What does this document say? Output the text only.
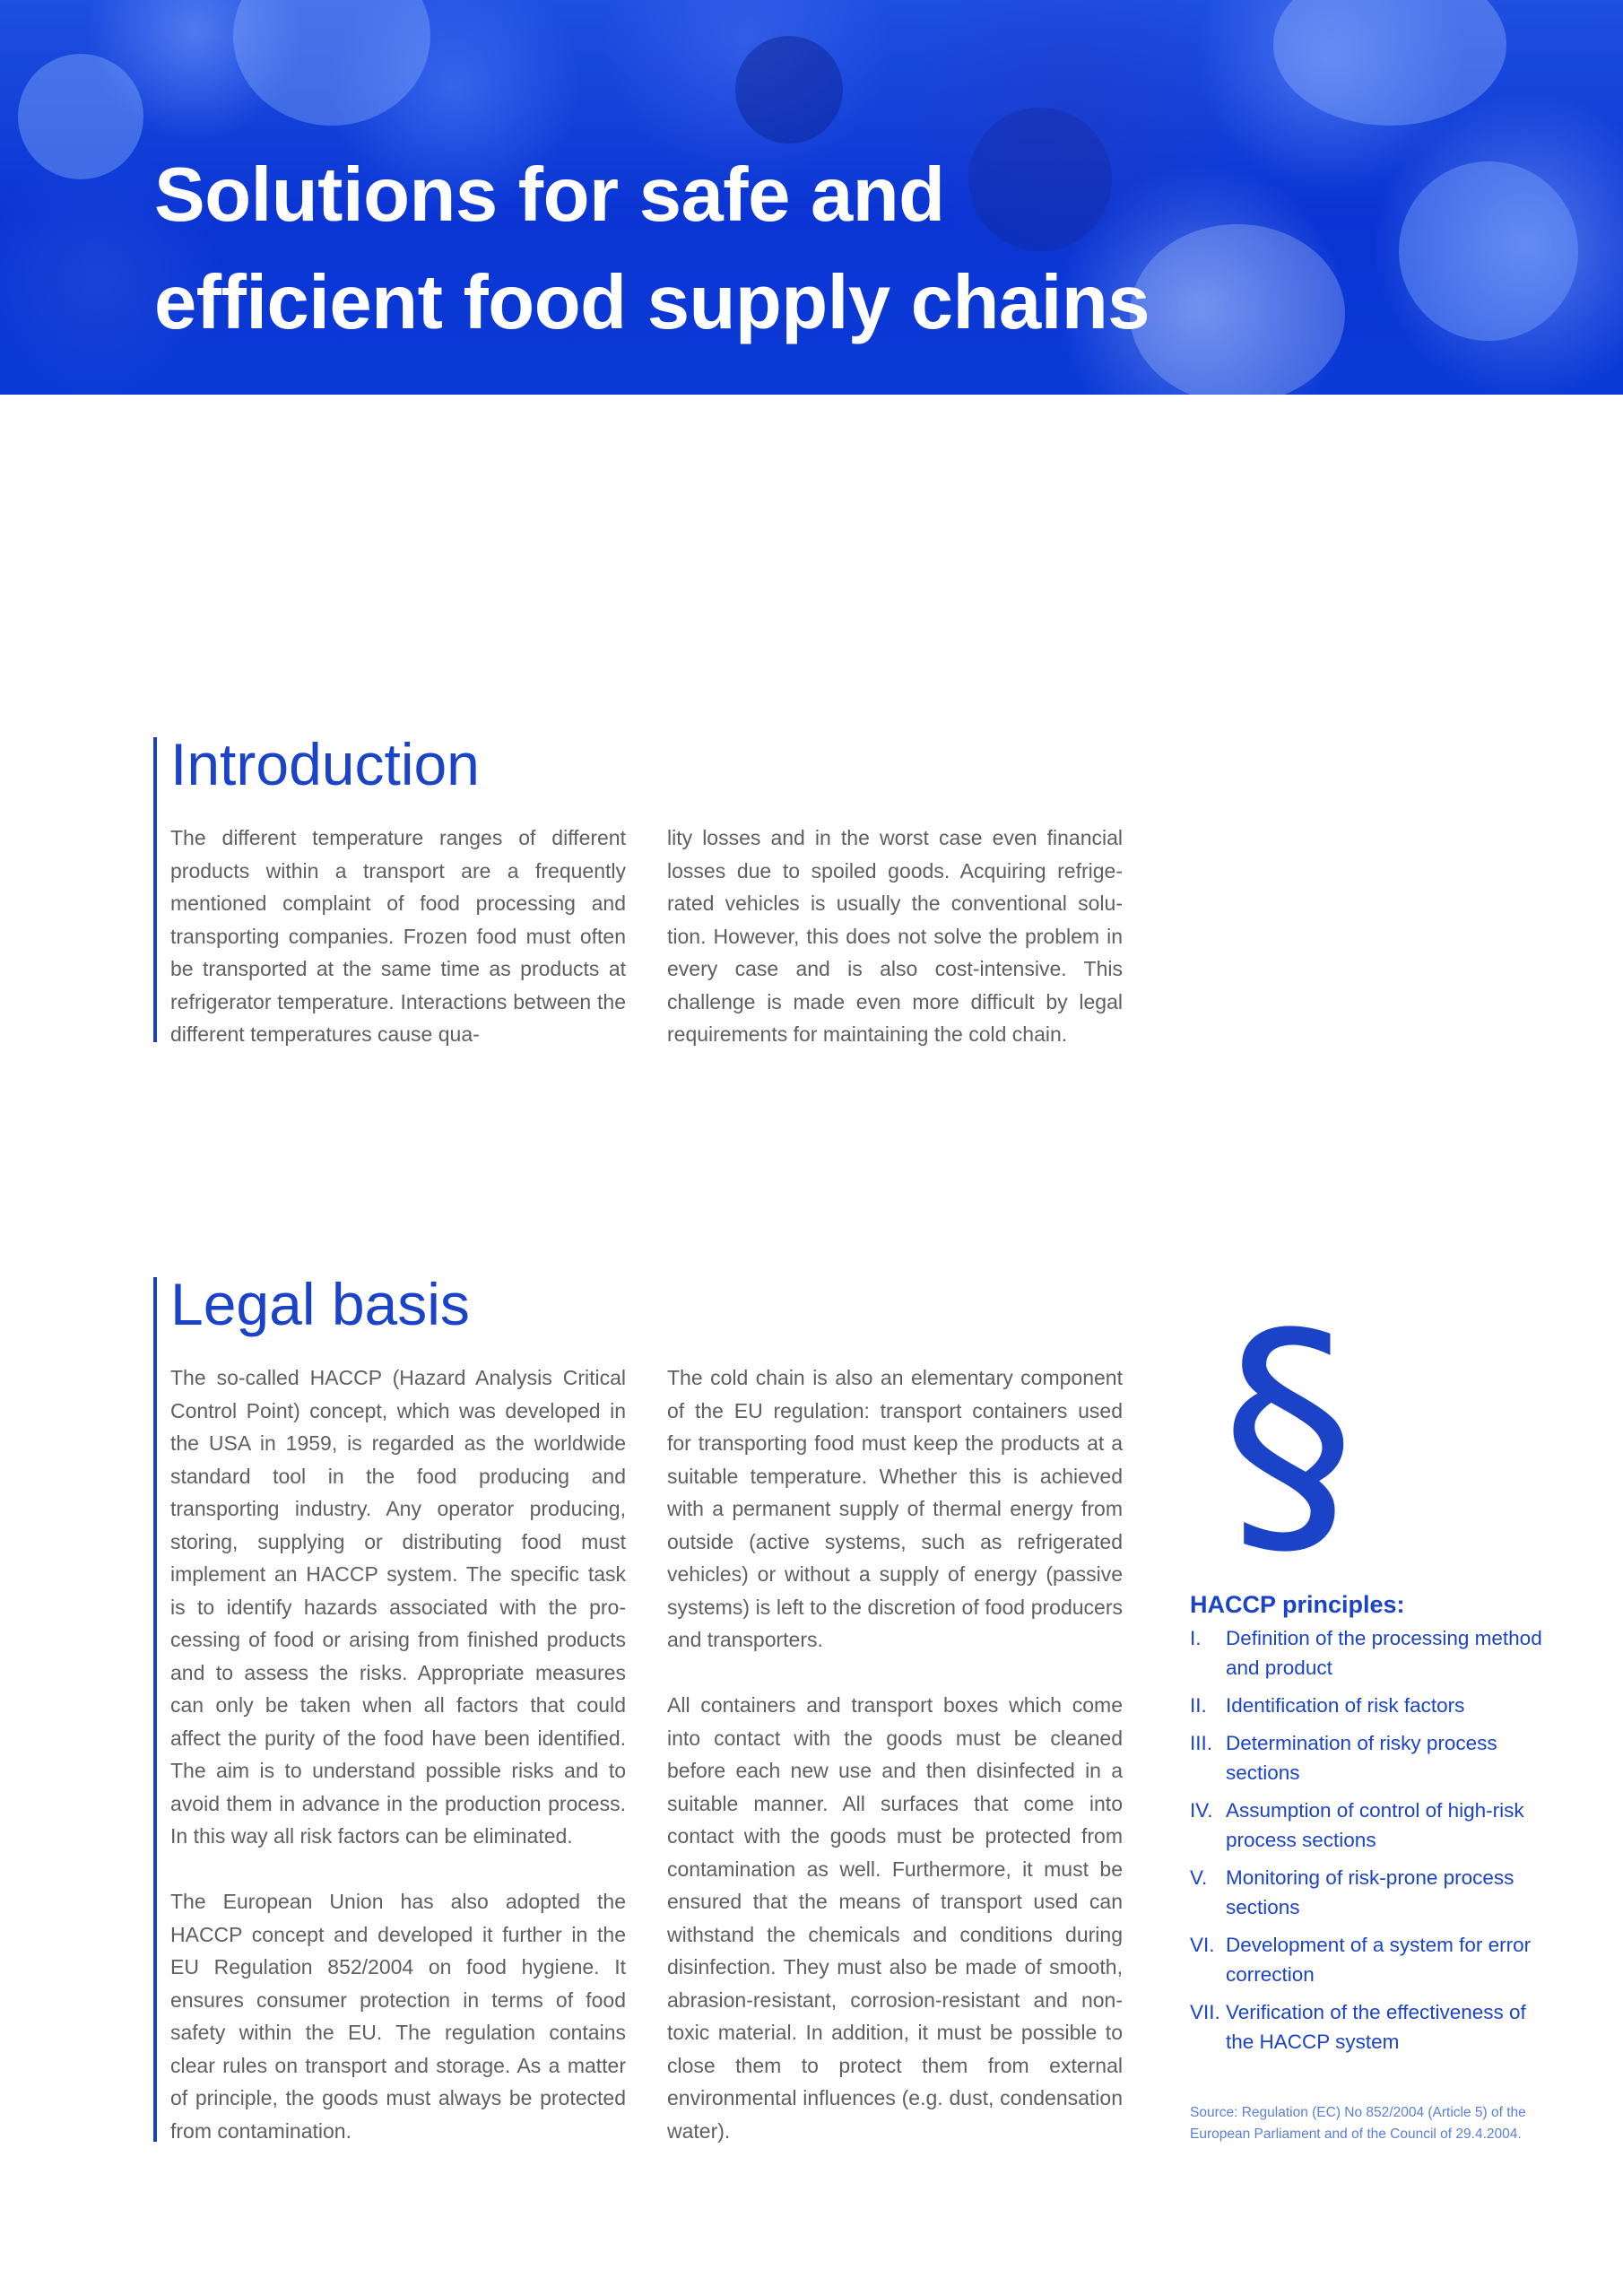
Solutions for safe and
efficient food supply chains
Introduction

The different temperature ranges of different products within a transport are a frequently mentioned complaint of food processing and transporting companies. Frozen food must often be transported at the same time as products at refrigerator temperature. Interactions between the different temperatures cause qua-

lity losses and in the worst case even financial losses due to spoiled goods. Acquiring refrigerated vehicles is usually the conventional solution. However, this does not solve the problem in every case and is also cost-intensive. This challenge is made even more difficult by legal requirements for maintaining the cold chain.

Legal basis

The so-called HACCP (Hazard Analysis Critical Control Point) concept, which was developed in the USA in 1959, is regarded as the worldwide standard tool in the food producing and transporting industry. Any operator producing, storing, supplying or distributing food must implement an HACCP system. The specific task is to identify hazards associated with the processing of food or arising from finished products and to assess the risks. Appropriate measures can only be taken when all factors that could affect the purity of the food have been identified. The aim is to understand possible risks and to avoid them in advance in the production process. In this way all risk factors can be eliminated.

The European Union has also adopted the HACCP concept and developed it further in the EU Regulation 852/2004 on food hygiene. It ensures consumer protection in terms of food safety within the EU. The regulation contains clear rules on transport and storage. As a matter of principle, the goods must always be protected from contamination.

The cold chain is also an elementary component of the EU regulation: transport containers used for transporting food must keep the products at a suitable temperature. Whether this is achieved with a permanent supply of thermal energy from outside (active systems, such as refrigerated vehicles) or without a supply of energy (passive systems) is left to the discretion of food producers and transporters.

All containers and transport boxes which come into contact with the goods must be cleaned before each new use and then disinfected in a suitable manner. All surfaces that come into contact with the goods must be protected from contamination as well. Furthermore, it must be ensured that the means of transport used can withstand the chemicals and conditions during disinfection. They must also be made of smooth, abrasion-resistant, corrosion-resistant and non-toxic material. In addition, it must be possible to close them to protect them from external environmental influences (e.g. dust, condensation water).

§
HACCP principles:
I.	Definition of the processing method and product
II. Identification of risk factors
III. Determination of risky process sections
IV. Assumption of control of high-risk process sections
V. Monitoring of risk-prone process sections
VI. Development of a system for error correction
VII. Verification of the effectiveness of the HACCP system
Source: Regulation (EC) No 852/2004 (Article 5) of the European Parliament and of the Council of 29.4.2004.
